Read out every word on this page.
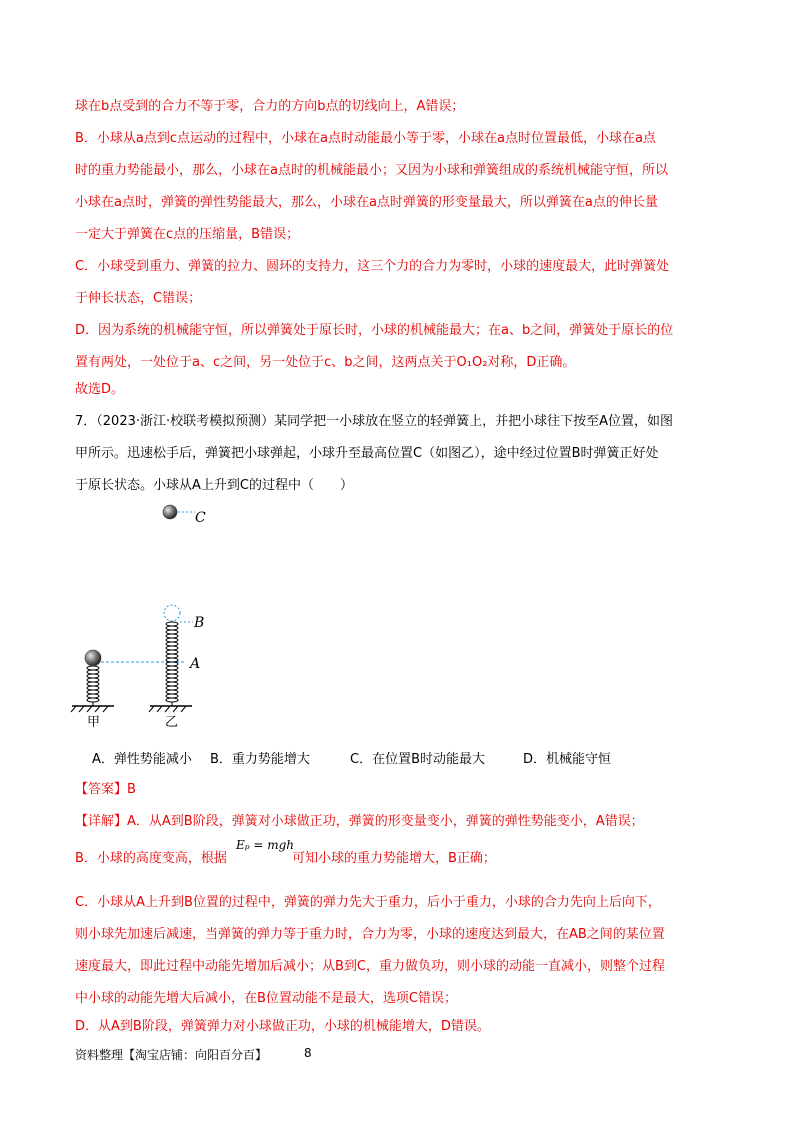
球在b点受到的合力不等于零，合力的方向b点的切线向上，A错误；
B．小球从a点到c点运动的过程中，小球在a点时动能最小等于零，小球在a点时位置最低，小球在a点
时的重力势能最小，那么，小球在a点时的机械能最小；又因为小球和弹簧组成的系统机械能守恒，所以
小球在a点时，弹簧的弹性势能最大，那么，小球在a点时弹簧的形变量最大，所以弹簧在a点的伸长量
一定大于弹簧在c点的压缩量，B错误；
C．小球受到重力、弹簧的拉力、圆环的支持力，这三个力的合力为零时，小球的速度最大，此时弹簧处
于伸长状态，C错误；
D．因为系统的机械能守恒，所以弹簧处于原长时，小球的机械能最大；在a、b之间，弹簧处于原长的位
置有两处，一处位于a、c之间，另一处位于c、b之间，这两点关于O₁O₂对称，D正确。
故选D。
7．（2023·浙江·校联考模拟预测）某同学把一小球放在竖立的轻弹簧上，并把小球往下按至A位置，如图
甲所示。迅速松手后，弹簧把小球弹起，小球升至最高位置C（如图乙），途中经过位置B时弹簧正好处
于原长状态。小球从A上升到C的过程中（　　）
C
甲
B
A
乙
A．弹性势能减小 B．重力势能增大	C．在位置B时动能最大	D．机械能守恒
【答案】B
【详解】A．从A到B阶段，弹簧对小球做正功，弹簧的形变量变小，弹簧的弹性势能变小，A错误；
B．小球的高度变高，根据
Eₚ = mgh
可知小球的重力势能增大，B正确；
C．小球从A上升到B位置的过程中，弹簧的弹力先大于重力，后小于重力，小球的合力先向上后向下，
则小球先加速后减速，当弹簧的弹力等于重力时，合力为零，小球的速度达到最大，在AB之间的某位置
速度最大，即此过程中动能先增加后减小；从B到C，重力做负功，则小球的动能一直减小，则整个过程
中小球的动能先增大后减小，在B位置动能不是最大，选项C错误；
D．从A到B阶段，弹簧弹力对小球做正功，小球的机械能增大，D错误。
资料整理【淘宝店铺：向阳百分百】	8
